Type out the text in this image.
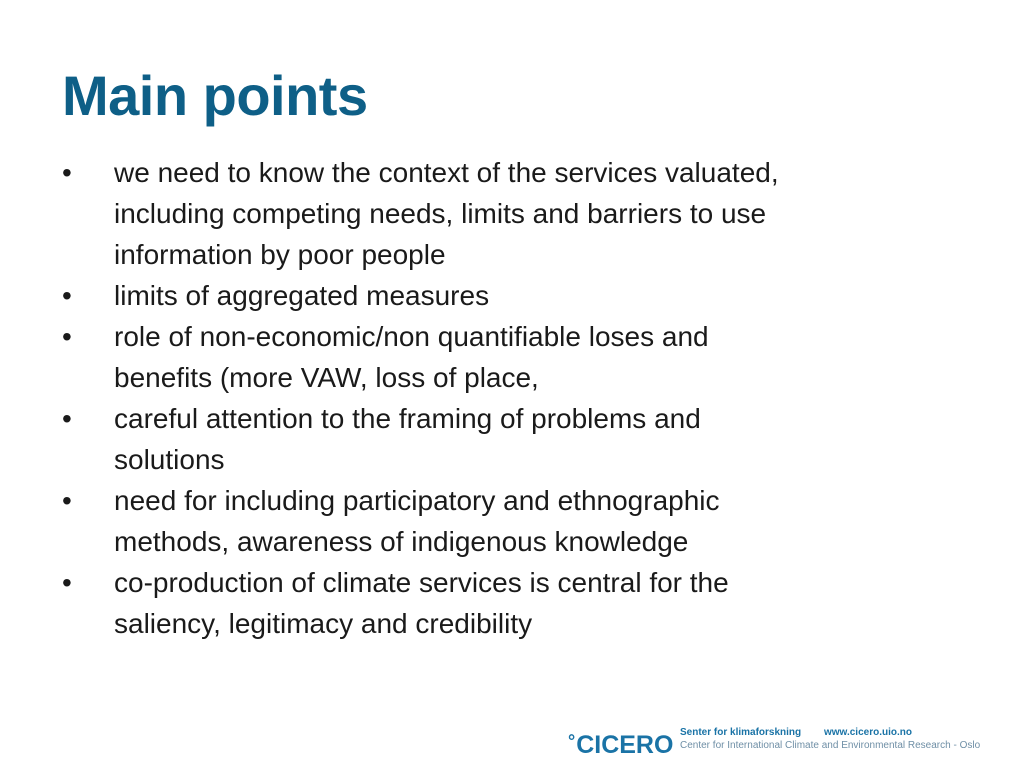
Main points
•	we need to know the context of the services valuated,
including competing needs, limits and barriers to use
information by poor people
•	limits of aggregated measures
•	role of non-economic/non quantifiable loses and
benefits (more VAW, loss of place,
•	careful attention to the framing of problems and
solutions
•	need for including participatory and ethnographic
methods, awareness of indigenous knowledge
•	co-production of climate services is central for the
saliency, legitimacy and credibility
°CICERO Senter for klimaforskning
Center for International Climate and Environmental Research - Oslo
www.cicero.uio.no
